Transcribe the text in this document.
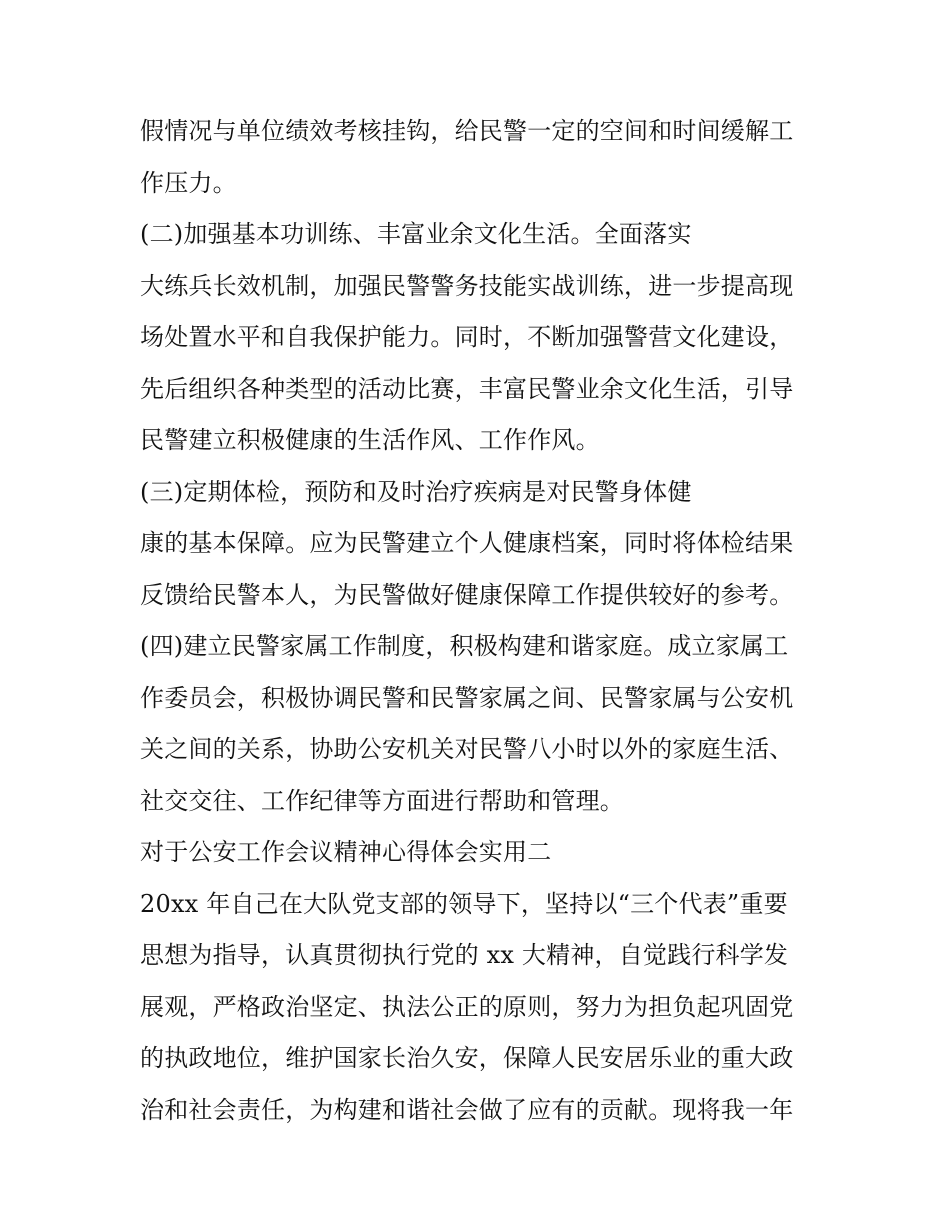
假情况与单位绩效考核挂钩，给民警一定的空间和时间缓解工
作压力。
(二)加强基本功训练、丰富业余文化生活。全面落实
大练兵长效机制，加强民警警务技能实战训练，进一步提高现
场处置水平和自我保护能力。同时，不断加强警营文化建设，
先后组织各种类型的活动比赛，丰富民警业余文化生活，引导
民警建立积极健康的生活作风、工作作风。
(三)定期体检，预防和及时治疗疾病是对民警身体健
康的基本保障。应为民警建立个人健康档案，同时将体检结果
反馈给民警本人，为民警做好健康保障工作提供较好的参考。
(四)建立民警家属工作制度，积极构建和谐家庭。成立家属工
作委员会，积极协调民警和民警家属之间、民警家属与公安机
关之间的关系，协助公安机关对民警八小时以外的家庭生活、
社交交往、工作纪律等方面进行帮助和管理。
对于公安工作会议精神心得体会实用二
20xx 年自己在大队党支部的领导下，坚持以“三个代表”重要
思想为指导，认真贯彻执行党的 xx 大精神，自觉践行科学发
展观，严格政治坚定、执法公正的原则，努力为担负起巩固党
的执政地位，维护国家长治久安，保障人民安居乐业的重大政
治和社会责任，为构建和谐社会做了应有的贡献。现将我一年
